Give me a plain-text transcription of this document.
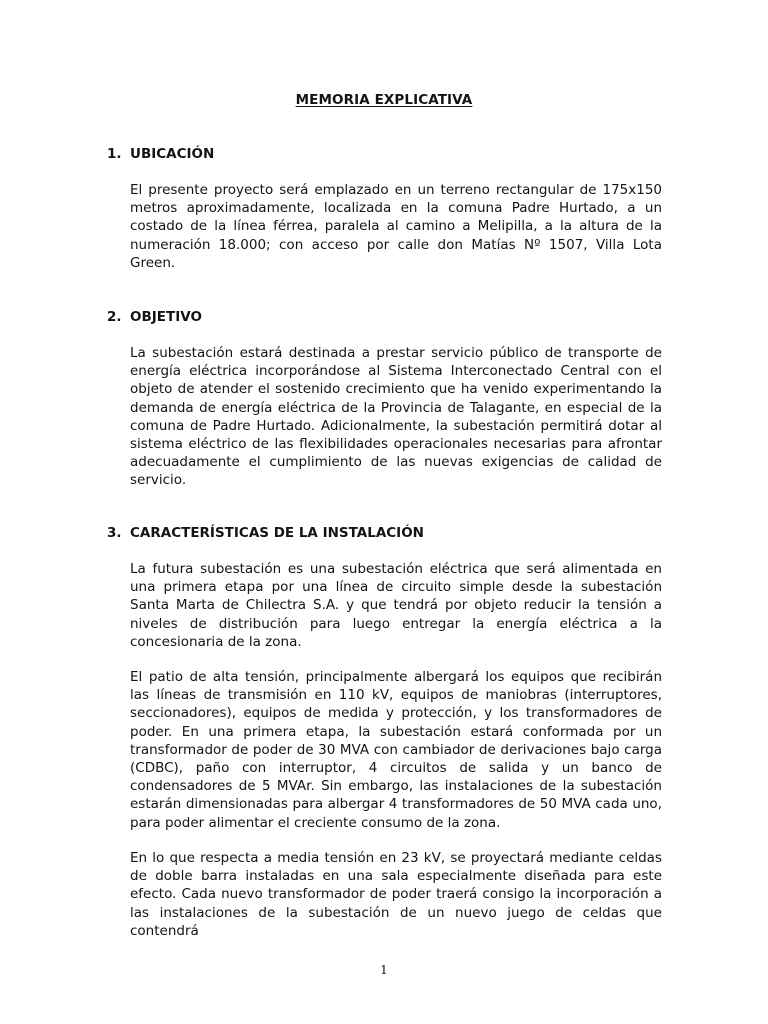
MEMORIA EXPLICATIVA
1. UBICACIÓN

El presente proyecto será emplazado en un terreno rectangular de 175x150 metros aproximadamente, localizada en la comuna Padre Hurtado, a un costado de la línea férrea, paralela al camino a Melipilla, a la altura de la numeración 18.000; con acceso por calle don Matías Nº 1507, Villa Lota Green.

2. OBJETIVO

La subestación estará destinada a prestar servicio público de transporte de energía eléctrica incorporándose al Sistema Interconectado Central con el objeto de atender el sostenido crecimiento que ha venido experimentando la demanda de energía eléctrica de la Provincia de Talagante, en especial de la comuna de Padre Hurtado. Adicionalmente, la subestación permitirá dotar al sistema eléctrico de las flexibilidades operacionales necesarias para afrontar adecuadamente el cumplimiento de las nuevas exigencias de calidad de servicio.

3. CARACTERÍSTICAS DE LA INSTALACIÓN

La futura subestación es una subestación eléctrica que será alimentada en una primera etapa por una línea de circuito simple desde la subestación Santa Marta de Chilectra S.A. y que tendrá por objeto reducir la tensión a niveles de distribución para luego entregar la energía eléctrica a la concesionaria de la zona.

El patio de alta tensión, principalmente albergará los equipos que recibirán las líneas de transmisión en 110 kV, equipos de maniobras (interruptores, seccionadores), equipos de medida y protección, y los transformadores de poder. En una primera etapa, la subestación estará conformada por un transformador de poder de 30 MVA con cambiador de derivaciones bajo carga (CDBC), paño con interruptor, 4 circuitos de salida y un banco de condensadores de 5 MVAr. Sin embargo, las instalaciones de la subestación estarán dimensionadas para albergar 4 transformadores de 50 MVA cada uno, para poder alimentar el creciente consumo de la zona.

En lo que respecta a media tensión en 23 kV, se proyectará mediante celdas de doble barra instaladas en una sala especialmente diseñada para este efecto. Cada nuevo transformador de poder traerá consigo la incorporación a las instalaciones de la subestación de un nuevo juego de celdas que contendrá

1
